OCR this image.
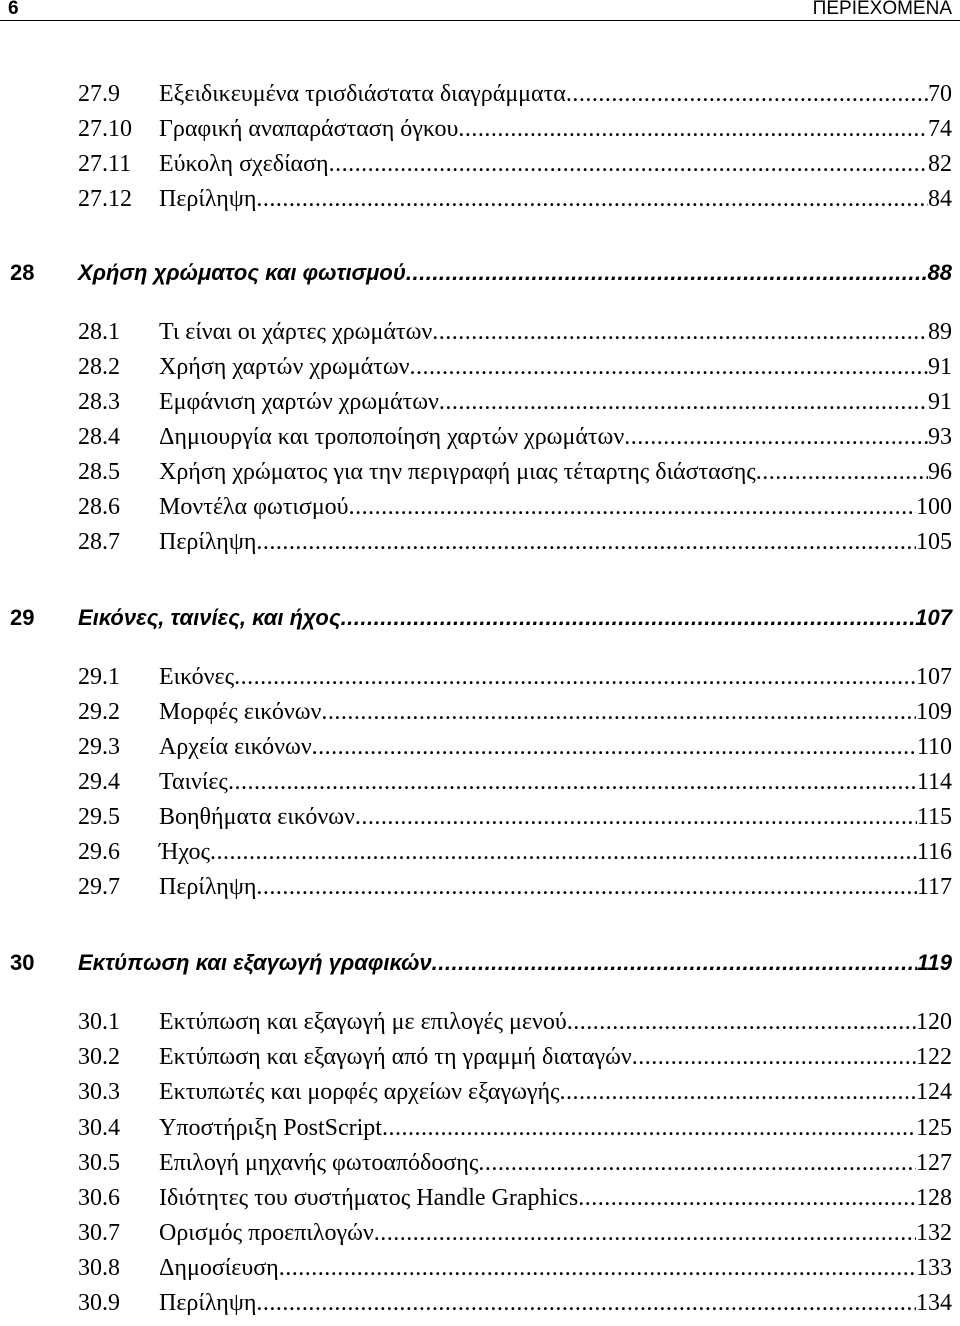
6	ΠΕΡΙΕΧΟΜΕΝΑ
27.9	Εξειδικευμένα τρισδιάστατα διαγράμματα .....	70
27.10	Γραφική αναπαράσταση όγκου .....	74
27.11	Εύκολη σχεδίαση .....	82
27.12	Περίληψη .....	84
28	Χρήση χρώματος και φωτισμού .....	88
28.1	Τι είναι οι χάρτες χρωμάτων .....	89
28.2	Χρήση χαρτών χρωμάτων .....	91
28.3	Εμφάνιση χαρτών χρωμάτων .....	91
28.4	Δημιουργία και τροποποίηση χαρτών χρωμάτων .....	93
28.5	Χρήση χρώματος για την περιγραφή μιας τέταρτης διάστασης .....	96
28.6	Μοντέλα φωτισμού .....	100
28.7	Περίληψη .....	105
29	Εικόνες, ταινίες, και ήχος .....	107
29.1	Εικόνες .....	107
29.2	Μορφές εικόνων .....	109
29.3	Αρχεία εικόνων .....	110
29.4	Ταινίες .....	114
29.5	Βοηθήματα εικόνων .....	115
29.6	Ήχος .....	116
29.7	Περίληψη .....	117
30	Εκτύπωση και εξαγωγή γραφικών .....	119
30.1	Εκτύπωση και εξαγωγή με επιλογές μενού .....	120
30.2	Εκτύπωση και εξαγωγή από τη γραμμή διαταγών .....	122
30.3	Εκτυπωτές και μορφές αρχείων εξαγωγής .....	124
30.4	Υποστήριξη PostScript .....	125
30.5	Επιλογή μηχανής φωτοαπόδοσης .....	127
30.6	Ιδιότητες του συστήματος Handle Graphics .....	128
30.7	Ορισμός προεπιλογών .....	132
30.8	Δημοσίευση .....	133
30.9	Περίληψη .....	134
